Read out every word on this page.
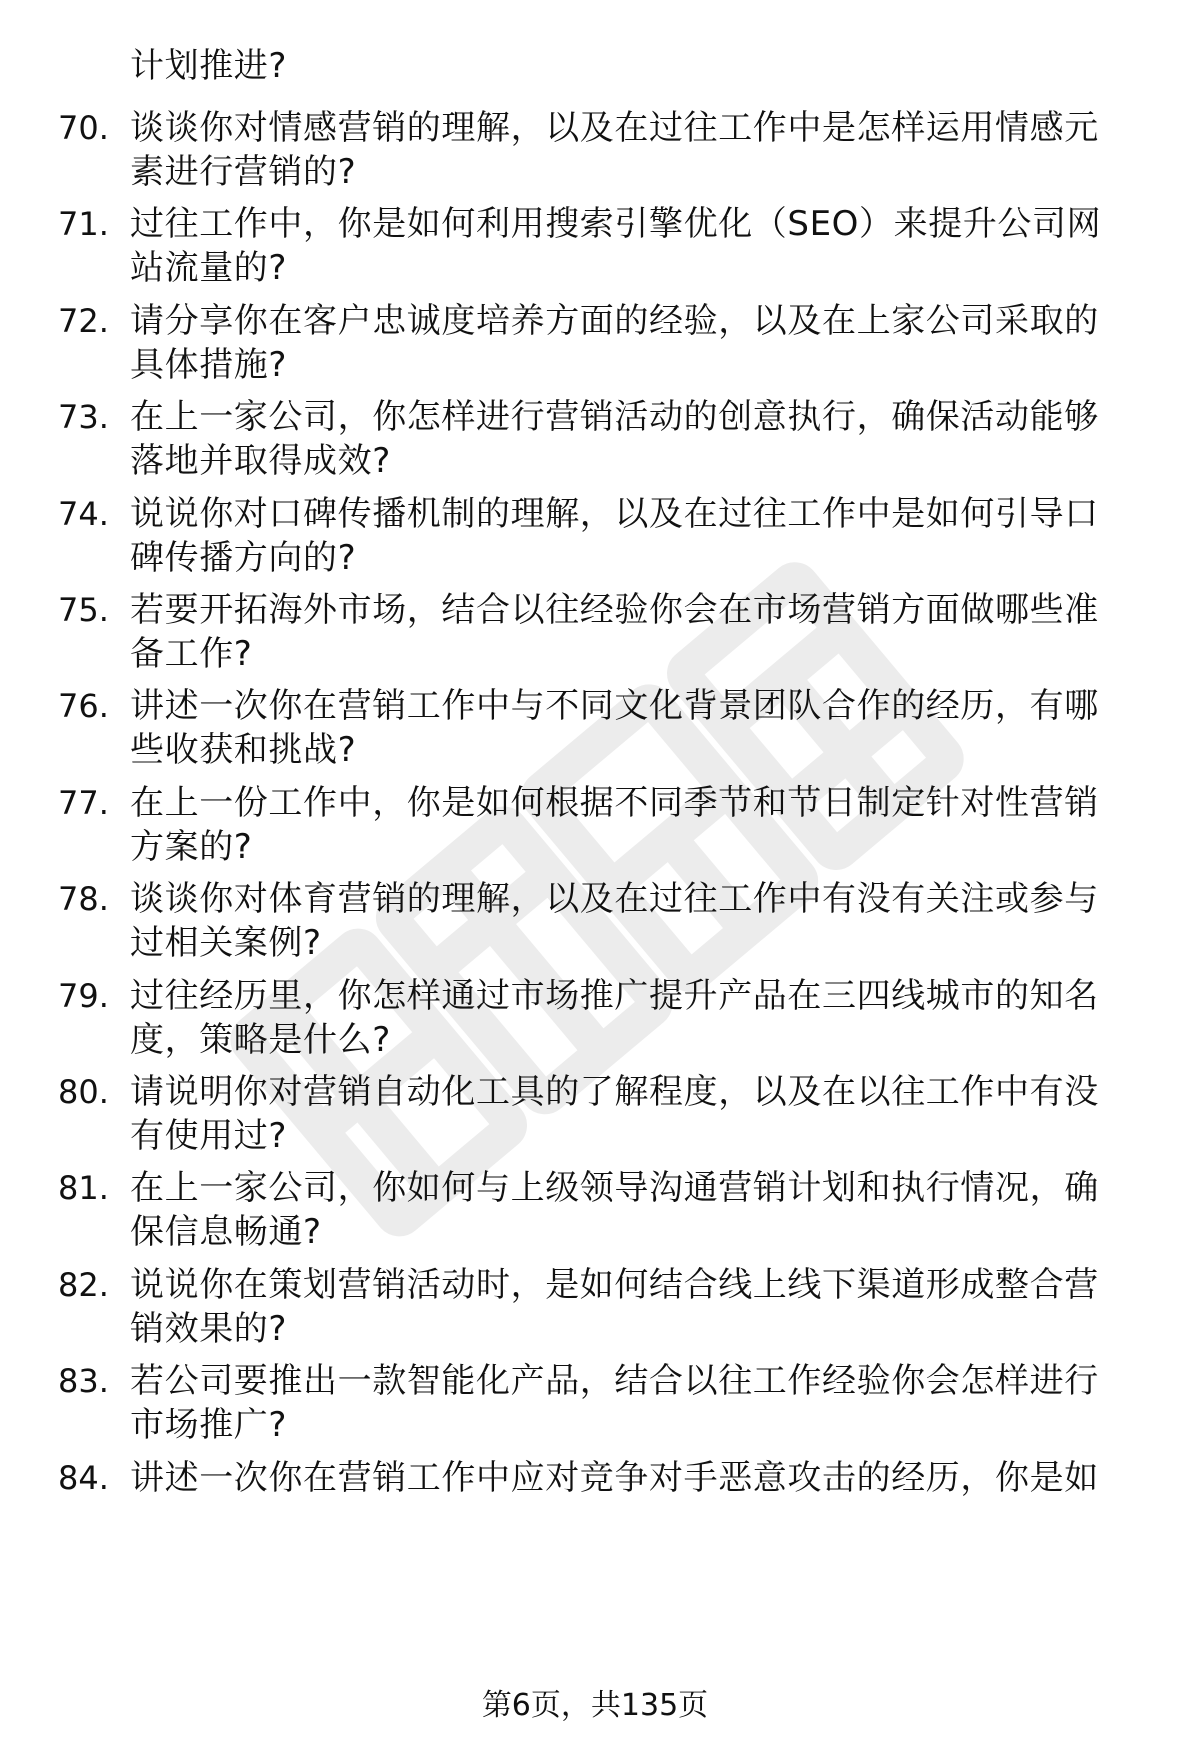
计划推进?
70. 谈谈你对情感营销的理解，以及在过往工作中是怎样运用情感元
素进行营销的?
71. 过往工作中，你是如何利用搜索引擎优化（SEO）来提升公司网
站流量的?
72. 请分享你在客户忠诚度培养方面的经验，以及在上家公司采取的
具体措施?
73. 在上一家公司，你怎样进行营销活动的创意执行，确保活动能够
落地并取得成效?
74. 说说你对口碑传播机制的理解，以及在过往工作中是如何引导口
碑传播方向的?
75. 若要开拓海外市场，结合以往经验你会在市场营销方面做哪些准
备工作?
76. 讲述一次你在营销工作中与不同文化背景团队合作的经历，有哪
些收获和挑战?
77. 在上一份工作中，你是如何根据不同季节和节日制定针对性营销
方案的?
78. 谈谈你对体育营销的理解，以及在过往工作中有没有关注或参与
过相关案例?
79. 过往经历里，你怎样通过市场推广提升产品在三四线城市的知名
度，策略是什么?
80. 请说明你对营销自动化工具的了解程度，以及在以往工作中有没
有使用过?
81. 在上一家公司，你如何与上级领导沟通营销计划和执行情况，确
保信息畅通?
82. 说说你在策划营销活动时，是如何结合线上线下渠道形成整合营
销效果的?
83. 若公司要推出一款智能化产品，结合以往工作经验你会怎样进行
市场推广?
84. 讲述一次你在营销工作中应对竞争对手恶意攻击的经历，你是如
第6页，共135页
